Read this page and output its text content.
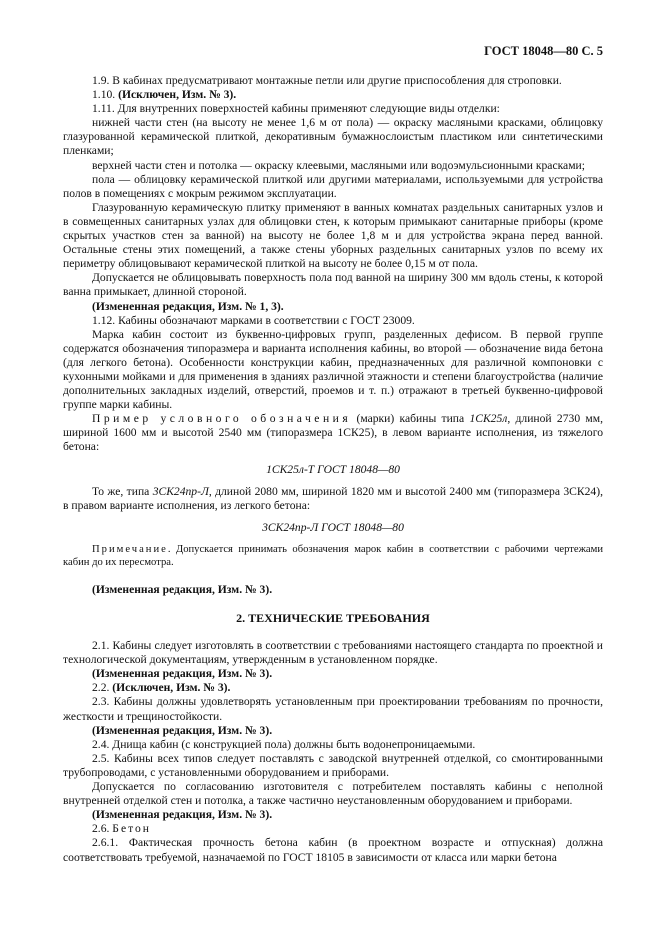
ГОСТ 18048—80 С. 5

1.9. В кабинах предусматривают монтажные петли или другие приспособления для строповки.

1.10. (Исключен, Изм. № 3).

1.11. Для внутренних поверхностей кабины применяют следующие виды отделки:

нижней части стен (на высоту не менее 1,6 м от пола) — окраску масляными красками, облицовку глазурованной керамической плиткой, декоративным бумажнослоистым пластиком или синтетическими пленками;

верхней части стен и потолка — окраску клеевыми, масляными или водоэмульсионными красками;

пола — облицовку керамической плиткой или другими материалами, используемыми для устройства полов в помещениях с мокрым режимом эксплуатации.

Глазурованную керамическую плитку применяют в ванных комнатах раздельных санитарных узлов и в совмещенных санитарных узлах для облицовки стен, к которым примыкают санитарные приборы (кроме скрытых участков стен за ванной) на высоту не более 1,8 м и для устройства экрана перед ванной. Остальные стены этих помещений, а также стены уборных раздельных санитарных узлов по всему их периметру облицовывают керамической плиткой на высоту не более 0,15 м от пола.

Допускается не облицовывать поверхность пола под ванной на ширину 300 мм вдоль стены, к которой ванна примыкает, длинной стороной.

(Измененная редакция, Изм. № 1, 3).

1.12. Кабины обозначают марками в соответствии с ГОСТ 23009.

Марка кабин состоит из буквенно-цифровых групп, разделенных дефисом. В первой группе содержатся обозначения типоразмера и варианта исполнения кабины, во второй — обозначение вида бетона (для легкого бетона). Особенности конструкции кабин, предназначенных для различной компоновки с кухонными мойками и для применения в зданиях различной этажности и степени благоустройства (наличие дополнительных закладных изделий, отверстий, проемов и т. п.) отражают в третьей буквенно-цифровой группе марки кабины.

Пример условного обозначения (марки) кабины типа 1СК25л, длиной 2730 мм, шириной 1600 мм и высотой 2540 мм (типоразмера 1СК25), в левом варианте исполнения, из тяжелого бетона:

1СК25л-Т ГОСТ 18048—80

То же, типа 3СК24пр-Л, длиной 2080 мм, шириной 1820 мм и высотой 2400 мм (типоразмера 3СК24), в правом варианте исполнения, из легкого бетона:

3СК24пр-Л ГОСТ 18048—80

Примечание. Допускается принимать обозначения марок кабин в соответствии с рабочими чертежами кабин до их пересмотра.

(Измененная редакция, Изм. № 3).

2. ТЕХНИЧЕСКИЕ ТРЕБОВАНИЯ

2.1. Кабины следует изготовлять в соответствии с требованиями настоящего стандарта по проектной и технологической документациям, утвержденным в установленном порядке.

(Измененная редакция, Изм. № 3).

2.2. (Исключен, Изм. № 3).

2.3. Кабины должны удовлетворять установленным при проектировании требованиям по прочности, жесткости и трещиностойкости.

(Измененная редакция, Изм. № 3).

2.4. Днища кабин (с конструкцией пола) должны быть водонепроницаемыми.

2.5. Кабины всех типов следует поставлять с заводской внутренней отделкой, со смонтированными трубопроводами, с установленными оборудованием и приборами.

Допускается по согласованию изготовителя с потребителем поставлять кабины с неполной внутренней отделкой стен и потолка, а также частично неустановленным оборудованием и приборами.

(Измененная редакция, Изм. № 3).

2.6. Бетон

2.6.1. Фактическая прочность бетона кабин (в проектном возрасте и отпускная) должна соответствовать требуемой, назначаемой по ГОСТ 18105 в зависимости от класса или марки бетона
